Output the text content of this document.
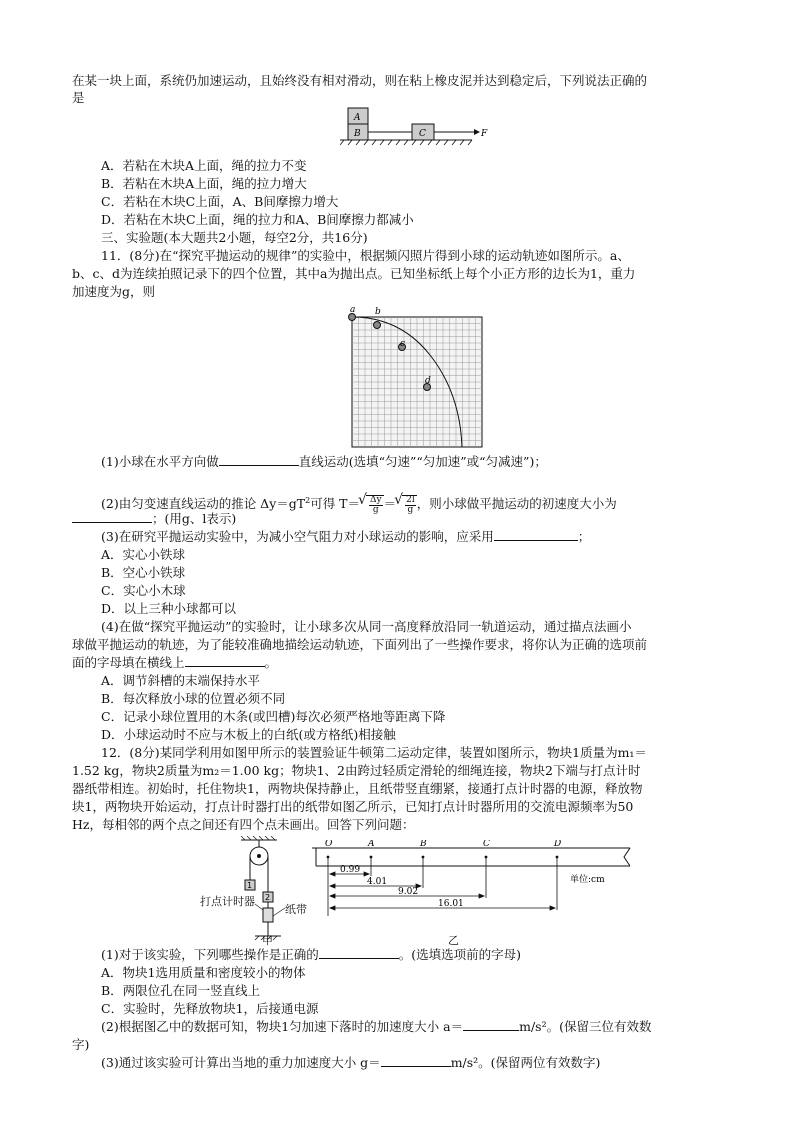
在某一块上面，系统仍加速运动，且始终没有相对滑动，则在粘上橡皮泥并达到稳定后，下列说法正确的
是
A
B	C	F
A．若粘在木块A上面，绳的拉力不变
B．若粘在木块A上面，绳的拉力增大
C．若粘在木块C上面，A、B间摩擦力增大
D．若粘在木块C上面，绳的拉力和A、B间摩擦力都减小
三、实验题(本大题共2小题，每空2分，共16分)
11．(8分)在“探究平抛运动的规律”的实验中，根据频闪照片得到小球的运动轨迹如图所示。a、
b、c、d为连续拍照记录下的四个位置，其中a为抛出点。已知坐标纸上每个小正方形的边长为1，重力
加速度为g，则
a b
c
d
(1)小球在水平方向做	直线运动(选填“匀速”“匀加速”或“匀减速”)；
(2)由匀变速直线运动的推论 $\Delta y=gT^2$可得 T＝ √ $\frac{\Delta y}{g}=$ √ $\frac{2l}{g}$，则小球做平抛运动的初速度大小为
；(用g、l表示)
(3)在研究平抛运动实验中，为减小空气阻力对小球运动的影响，应采用	；
A．实心小铁球
B．空心小铁球
C．实心小木球
D．以上三种小球都可以
(4)在做“探究平抛运动”的实验时，让小球多次从同一高度释放沿同一轨道运动，通过描点法画小
球做平抛运动的轨迹，为了能较准确地描绘运动轨迹，下面列出了一些操作要求，将你认为正确的选项前
面的字母填在横线上	。
A．调节斜槽的末端保持水平
B．每次释放小球的位置必须不同
C．记录小球位置用的木条(或凹槽)每次必须严格地等距离下降
D．小球运动时不应与木板上的白纸(或方格纸)相接触
12．(8分)某同学利用如图甲所示的装置验证牛顿第二运动定律，装置如图所示，物块1质量为m₁＝
1.52 kg，物块2质量为m₂＝1.00 kg；物块1、2由跨过轻质定滑轮的细绳连接，物块2下端与打点计时
器纸带相连。初始时，托住物块1，两物块保持静止，且纸带竖直绷紧，接通打点计时器的电源，释放物
块1，两物块开始运动，打点计时器打出的纸带如图乙所示，已知打点计时器所用的交流电源频率为50
Hz，每相邻的两个点之间还有四个点未画出。回答下列问题：
1
2
打点计时器
纸带
甲
O	A	B	C	D
0.99
4.01
9.02
16.01
单位:cm
乙
(1)对于该实验，下列哪些操作是正确的	。(选填选项前的字母)
A．物块1选用质量和密度较小的物体
B．两限位孔在同一竖直线上
C．实验时，先释放物块1，后接通电源
(2)根据图乙中的数据可知，物块1匀加速下落时的加速度大小 a＝	m/s²。(保留三位有效数
字)
(3)通过该实验可计算出当地的重力加速度大小 g＝	m/s²。(保留两位有效数字)
